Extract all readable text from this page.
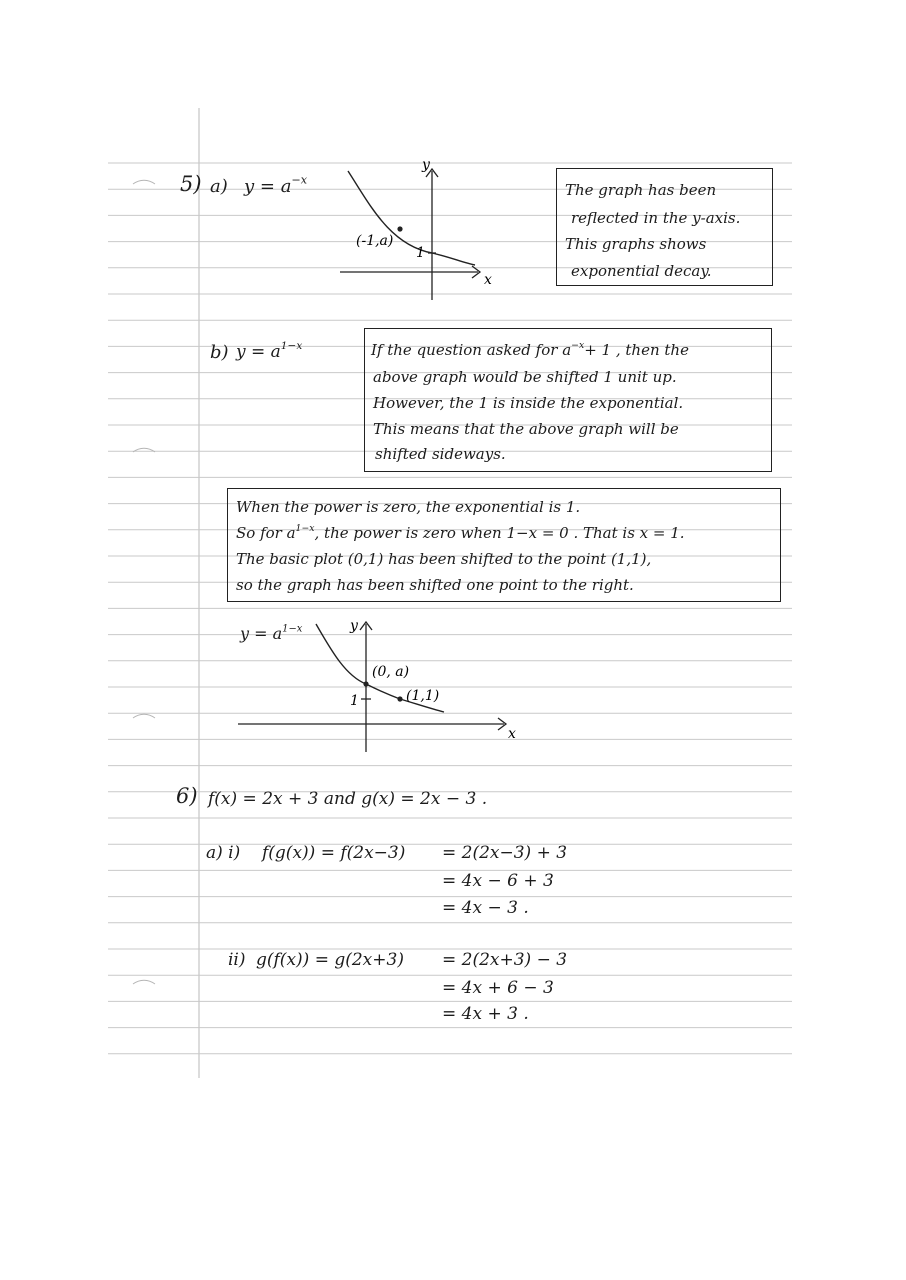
5) a) $y = a^{-x}$
(-1,a)
1
x
y
The graph has been
reflected in the y-axis.
This graphs shows
exponential decay.
b) $y = a^{1-x}$	If the question asked for $a^{-x}+ 1$ , then the
above graph would be shifted 1 unit up.
However, the 1 is inside the exponential.
This means that the above graph will be
shifted sideways.
When the power is zero, the exponential is 1.
So for $a^{1-x}$, the power is zero when 1−x = 0 . That is x = 1.
The basic plot (0,1) has been shifted to the point (1,1),
so the graph has been shifted one point to the right.
$y = a^{1-x}$
(0, a)
(1,1)
1
x
y
6) f(x) = 2x + 3 and g(x) = 2x − 3 .
a) i) f(g(x)) = f(2x−3) = 2(2x−3) + 3
= 4x − 6 + 3
= 4x − 3 .
ii) g(f(x)) = g(2x+3) = 2(2x+3) − 3
= 4x + 6 − 3
= 4x + 3 .
